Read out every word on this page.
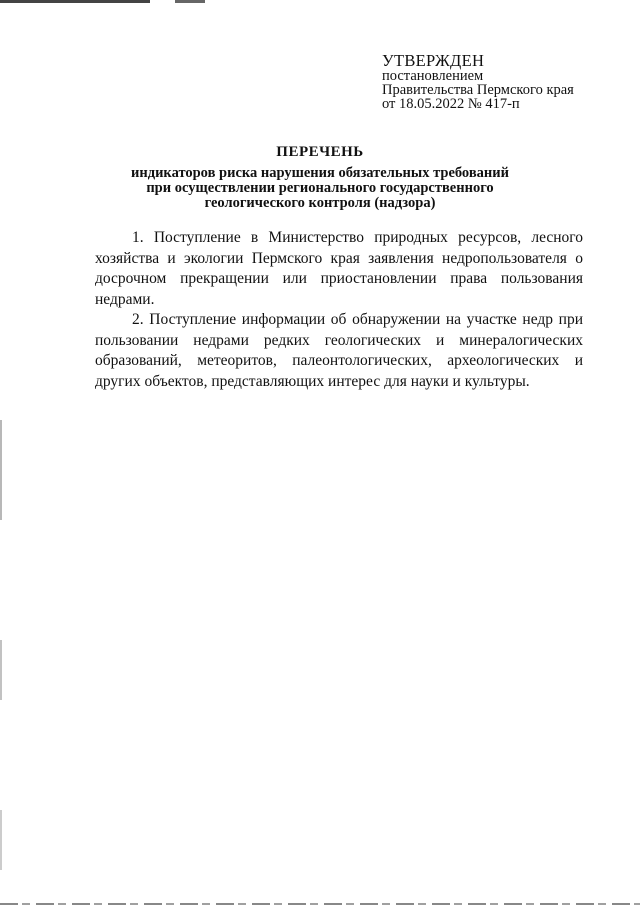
УТВЕРЖДЕН
постановлением
Правительства Пермского края
от 18.05.2022 № 417-п
ПЕРЕЧЕНЬ
индикаторов риска нарушения обязательных требований
при осуществлении регионального государственного
геологического контроля (надзора)

1. Поступление в Министерство природных ресурсов, лесного хозяйства и экологии Пермского края заявления недропользователя о досрочном прекращении или приостановлении права пользования недрами.

2. Поступление информации об обнаружении на участке недр при пользовании недрами редких геологических и минералогических образований, метеоритов, палеонтологических, археологических и других объектов, представляющих интерес для науки и культуры.
